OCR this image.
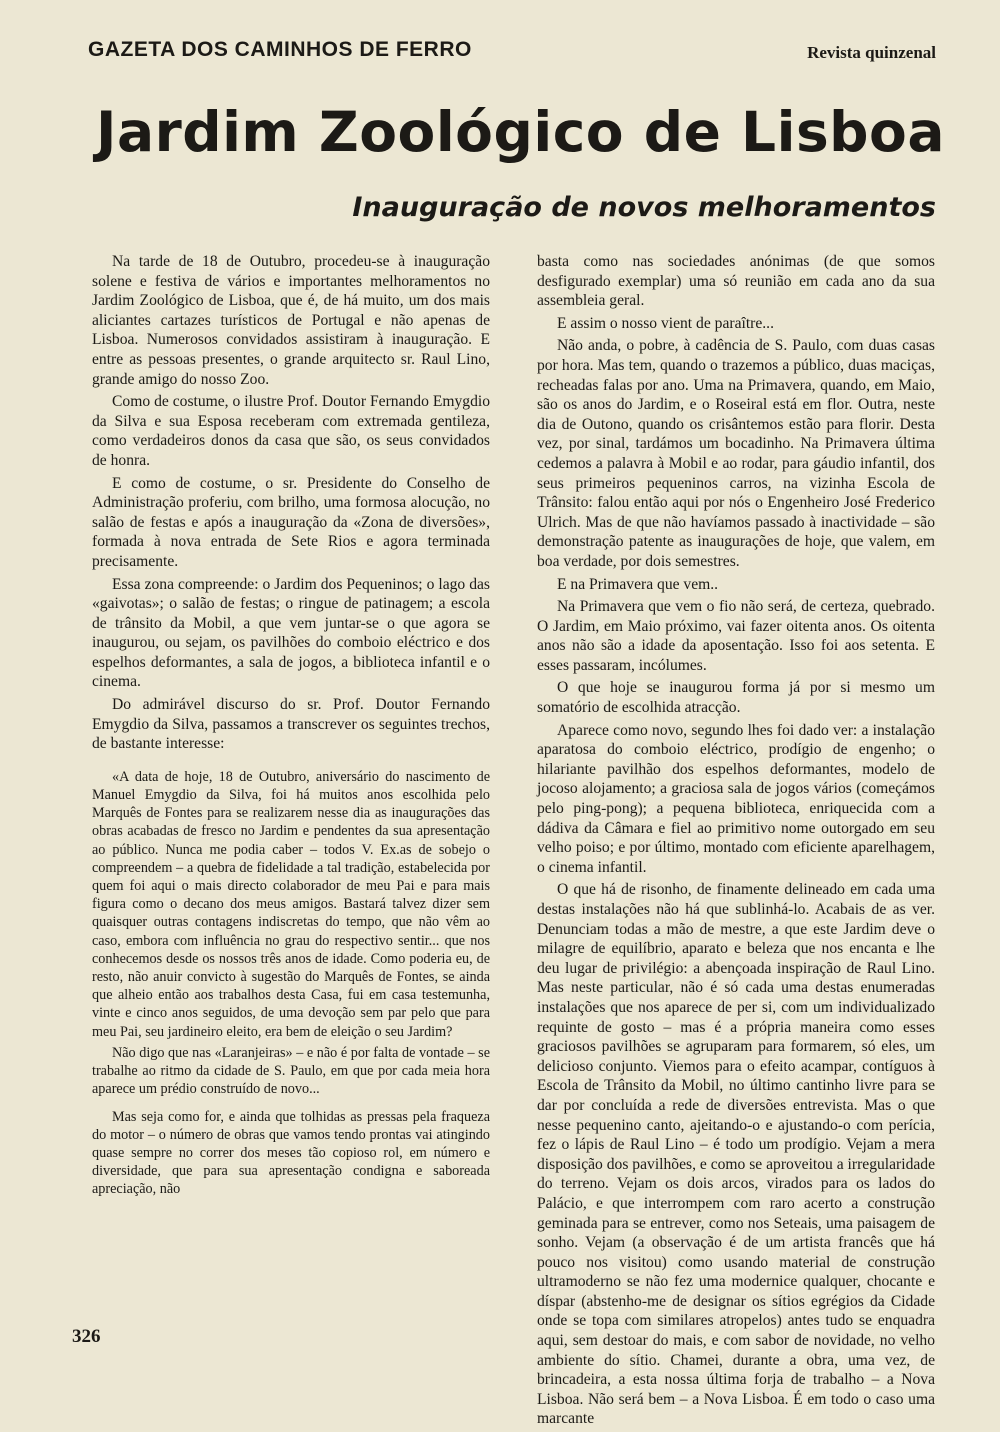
GAZETA DOS CAMINHOS DE FERRO	Revista quinzenal
Jardim Zoológico de Lisboa
Inauguração de novos melhoramentos

Na tarde de 18 de Outubro, procedeu-se à inauguração solene e festiva de vários e importantes melhoramentos no Jardim Zoológico de Lisboa, que é, de há muito, um dos mais aliciantes cartazes turísticos de Portugal e não apenas de Lisboa. Numerosos convidados assistiram à inauguração. E entre as pessoas presentes, o grande arquitecto sr. Raul Lino, grande amigo do nosso Zoo.

Como de costume, o ilustre Prof. Doutor Fernando Emygdio da Silva e sua Esposa receberam com extremada gentileza, como verdadeiros donos da casa que são, os seus convidados de honra.

E como de costume, o sr. Presidente do Conselho de Administração proferiu, com brilho, uma formosa alocução, no salão de festas e após a inauguração da «Zona de diversões», formada à nova entrada de Sete Rios e agora terminada precisamente.

Essa zona compreende: o Jardim dos Pequeninos; o lago das «gaivotas»; o salão de festas; o ringue de patinagem; a escola de trânsito da Mobil, a que vem juntar-se o que agora se inaugurou, ou sejam, os pavilhões do comboio eléctrico e dos espelhos deformantes, a sala de jogos, a biblioteca infantil e o cinema.

Do admirável discurso do sr. Prof. Doutor Fernando Emygdio da Silva, passamos a transcrever os seguintes trechos, de bastante interesse:

«A data de hoje, 18 de Outubro, aniversário do nascimento de Manuel Emygdio da Silva, foi há muitos anos escolhida pelo Marquês de Fontes para se realizarem nesse dia as inaugurações das obras acabadas de fresco no Jardim e pendentes da sua apresentação ao público. Nunca me podia caber – todos V. Ex.as de sobejo o compreendem – a quebra de fidelidade a tal tradição, estabelecida por quem foi aqui o mais directo colaborador de meu Pai e para mais figura como o decano dos meus amigos. Bastará talvez dizer sem quaisquer outras contagens indiscretas do tempo, que não vêm ao caso, embora com influência no grau do respectivo sentir... que nos conhecemos desde os nossos três anos de idade. Como poderia eu, de resto, não anuir convicto à sugestão do Marquês de Fontes, se ainda que alheio então aos trabalhos desta Casa, fui em casa testemunha, vinte e cinco anos seguidos, de uma devoção sem par pelo que para meu Pai, seu jardineiro eleito, era bem de eleição o seu Jardim?

Não digo que nas «Laranjeiras» – e não é por falta de vontade – se trabalhe ao ritmo da cidade de S. Paulo, em que por cada meia hora aparece um prédio construído de novo...

Mas seja como for, e ainda que tolhidas as pressas pela fraqueza do motor – o número de obras que vamos tendo prontas vai atingindo quase sempre no correr dos meses tão copioso rol, em número e diversidade, que para sua apresentação condigna e saboreada apreciação, não

basta como nas sociedades anónimas (de que somos desfigurado exemplar) uma só reunião em cada ano da sua assembleia geral.

E assim o nosso vient de paraître...

Não anda, o pobre, à cadência de S. Paulo, com duas casas por hora. Mas tem, quando o trazemos a público, duas maciças, recheadas falas por ano. Uma na Primavera, quando, em Maio, são os anos do Jardim, e o Roseiral está em flor. Outra, neste dia de Outono, quando os crisântemos estão para florir. Desta vez, por sinal, tardámos um bocadinho. Na Primavera última cedemos a palavra à Mobil e ao rodar, para gáudio infantil, dos seus primeiros pequeninos carros, na vizinha Escola de Trânsito: falou então aqui por nós o Engenheiro José Frederico Ulrich. Mas de que não havíamos passado à inactividade – são demonstração patente as inaugurações de hoje, que valem, em boa verdade, por dois semestres.

E na Primavera que vem..

Na Primavera que vem o fio não será, de certeza, quebrado. O Jardim, em Maio próximo, vai fazer oitenta anos. Os oitenta anos não são a idade da aposentação. Isso foi aos setenta. E esses passaram, incólumes.

O que hoje se inaugurou forma já por si mesmo um somatório de escolhida atracção.

Aparece como novo, segundo lhes foi dado ver: a instalação aparatosa do comboio eléctrico, prodígio de engenho; o hilariante pavilhão dos espelhos deformantes, modelo de jocoso alojamento; a graciosa sala de jogos vários (começámos pelo ping-pong); a pequena biblioteca, enriquecida com a dádiva da Câmara e fiel ao primitivo nome outorgado em seu velho poiso; e por último, montado com eficiente aparelhagem, o cinema infantil.

O que há de risonho, de finamente delineado em cada uma destas instalações não há que sublinhá-lo. Acabais de as ver. Denunciam todas a mão de mestre, a que este Jardim deve o milagre de equilíbrio, aparato e beleza que nos encanta e lhe deu lugar de privilégio: a abençoada inspiração de Raul Lino. Mas neste particular, não é só cada uma destas enumeradas instalações que nos aparece de per si, com um individualizado requinte de gosto – mas é a própria maneira como esses graciosos pavilhões se agruparam para formarem, só eles, um delicioso conjunto. Viemos para o efeito acampar, contíguos à Escola de Trânsito da Mobil, no último cantinho livre para se dar por concluída a rede de diversões entrevista. Mas o que nesse pequenino canto, ajeitando-o e ajustando-o com perícia, fez o lápis de Raul Lino – é todo um prodígio. Vejam a mera disposição dos pavilhões, e como se aproveitou a irregularidade do terreno. Vejam os dois arcos, virados para os lados do Palácio, e que interrompem com raro acerto a construção geminada para se entrever, como nos Seteais, uma paisagem de sonho. Vejam (a observação é de um artista francês que há pouco nos visitou) como usando material de construção ultramoderno se não fez uma modernice qualquer, chocante e díspar (abstenho-me de designar os sítios egrégios da Cidade onde se topa com similares atropelos) antes tudo se enquadra aqui, sem destoar do mais, e com sabor de novidade, no velho ambiente do sítio. Chamei, durante a obra, uma vez, de brincadeira, a esta nossa última forja de trabalho – a Nova Lisboa. Não será bem – a Nova Lisboa. É em todo o caso uma marcante

326
